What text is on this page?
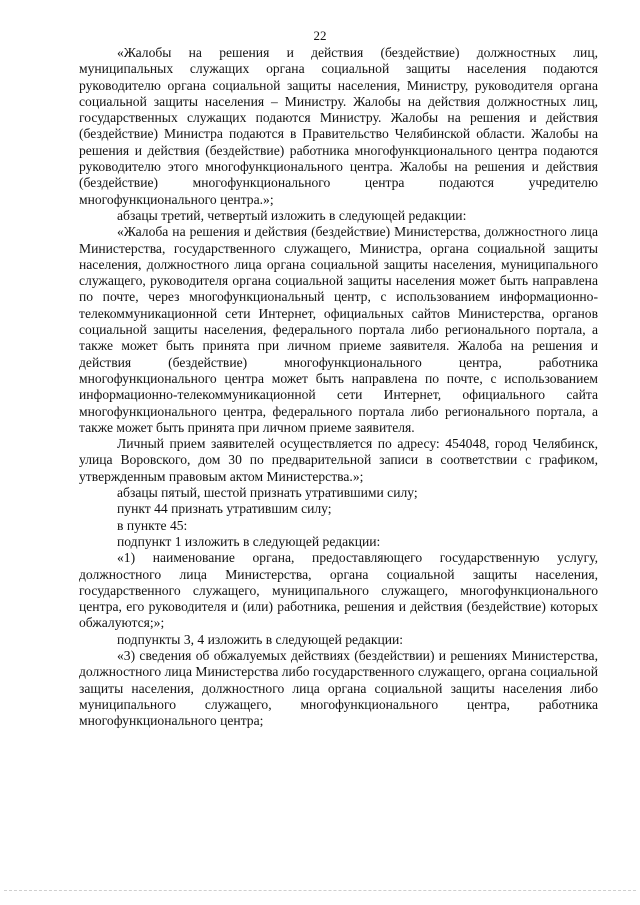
22

«Жалобы на решения и действия (бездействие) должностных лиц, муниципальных служащих органа социальной защиты населения подаются руководителю органа социальной защиты населения, Министру, руководителя органа социальной защиты населения – Министру. Жалобы на действия должностных лиц, государственных служащих подаются Министру. Жалобы на решения и действия (бездействие) Министра подаются в Правительство Челябинской области. Жалобы на решения и действия (бездействие) работника многофункционального центра подаются руководителю этого многофункционального центра. Жалобы на решения и действия (бездействие) многофункционального центра подаются учредителю многофункционального центра.»;

абзацы третий, четвертый изложить в следующей редакции:

«Жалоба на решения и действия (бездействие) Министерства, должностного лица Министерства, государственного служащего, Министра, органа социальной защиты населения, должностного лица органа социальной защиты населения, муниципального служащего, руководителя органа социальной защиты населения может быть направлена по почте, через многофункциональный центр, с использованием информационно-телекоммуникационной сети Интернет, официальных сайтов Министерства, органов социальной защиты населения, федерального портала либо регионального портала, а также может быть принята при личном приеме заявителя. Жалоба на решения и действия (бездействие) многофункционального центра, работника многофункционального центра может быть направлена по почте, с использованием информационно-телекоммуникационной сети Интернет, официального сайта многофункционального центра, федерального портала либо регионального портала, а также может быть принята при личном приеме заявителя.

Личный прием заявителей осуществляется по адресу: 454048, город Челябинск, улица Воровского, дом 30 по предварительной записи в соответствии с графиком, утвержденным правовым актом Министерства.»;

абзацы пятый, шестой признать утратившими силу;

пункт 44 признать утратившим силу;

в пункте 45:

подпункт 1 изложить в следующей редакции:

«1) наименование органа, предоставляющего государственную услугу, должностного лица Министерства, органа социальной защиты населения, государственного служащего, муниципального служащего, многофункционального центра, его руководителя и (или) работника, решения и действия (бездействие) которых обжалуются;»;

подпункты 3, 4 изложить в следующей редакции:

«3) сведения об обжалуемых действиях (бездействии) и решениях Министерства, должностного лица Министерства либо государственного служащего, органа социальной защиты населения, должностного лица органа социальной защиты населения либо муниципального служащего, многофункционального центра, работника многофункционального центра;
